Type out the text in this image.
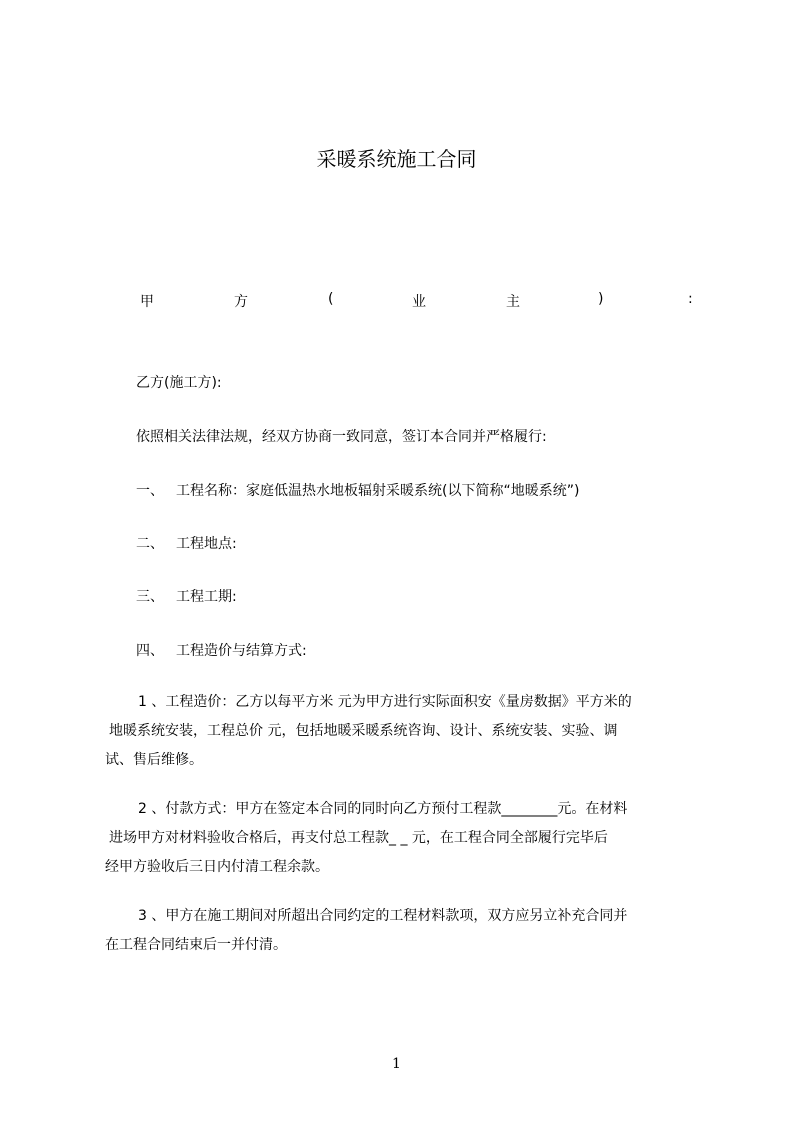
采暖系统施工合同
甲	方	(	业	主	)	:
乙方(施工方):
依照相关法律法规，经双方协商一致同意，签订本合同并严格履行:
一、 工程名称：家庭低温热水地板辐射采暖系统(以下简称“地暖系统”)
二、 工程地点:
三、 工程工期:
四、 工程造价与结算方式:
1 、工程造价：乙方以每平方米 元为甲方进行实际面积安《量房数据》平方米的
地暖系统安装，工程总价 元，包括地暖采暖系统咨询、设计、系统安装、实验、调
试、售后维修。
2 、付款方式：甲方在签定本合同的同时向乙方预付工程款________元。在材料
进场甲方对材料验收合格后，再支付总工程款_ _ 元，在工程合同全部履行完毕后
经甲方验收后三日内付清工程余款。
3 、甲方在施工期间对所超出合同约定的工程材料款项，双方应另立补充合同并
在工程合同结束后一并付清。
1
